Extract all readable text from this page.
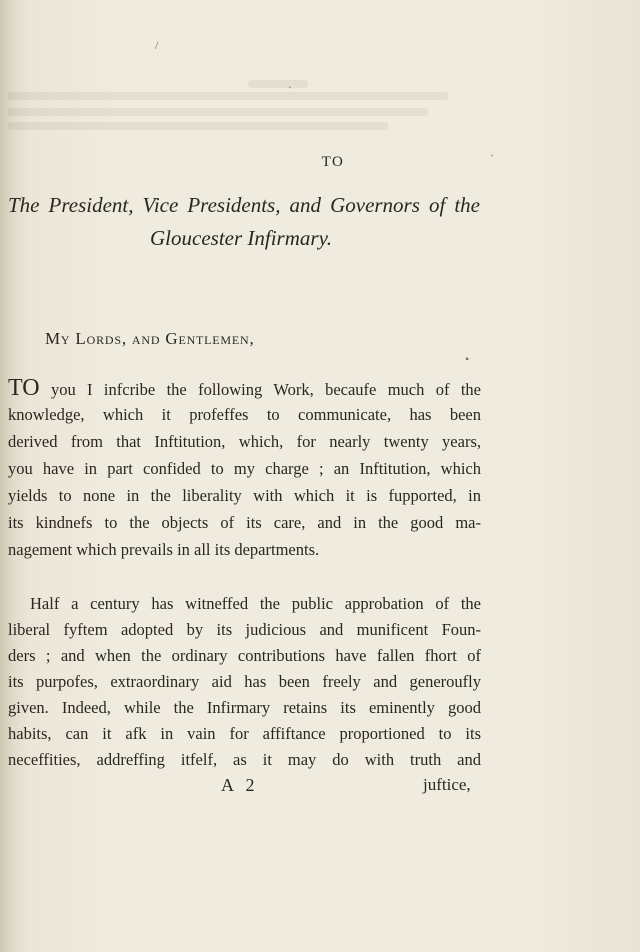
/
ˎ
ˋ
•
TO
The President, Vice Presidents, and Governors of the
Gloucester Infirmary.
My Lords, and Gentlemen,
TO you I infcribe the following Work, becaufe much of the
knowledge, which it profeffes to communicate, has been
derived from that Inftitution, which, for nearly twenty years,
you have in part confided to my charge ; an Inftitution, which
yields to none in the liberality with which it is fupported, in
its kindnefs to the objects of its care, and in the good ma-
nagement which prevails in all its departments.
Half a century has witneffed the public approbation of the
liberal fyftem adopted by its judicious and munificent Foun-
ders ; and when the ordinary contributions have fallen fhort of
its purpofes, extraordinary aid has been freely and generoufly
given. Indeed, while the Infirmary retains its eminently good
habits, can it afk in vain for affiftance proportioned to its
neceffities, addreffing itfelf, as it may do with truth and
A 2	juftice,
